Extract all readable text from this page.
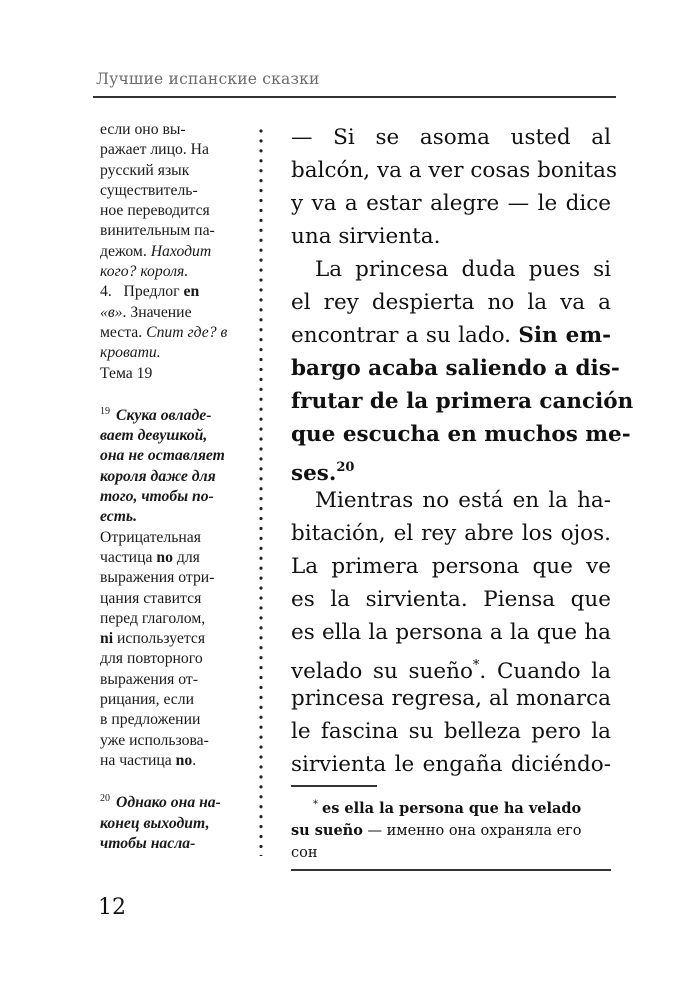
Лучшие испанские сказки
если оно вы-
ражает лицо. На
русский язык
существитель-
ное переводится
винительным па-
дежом. Находит
кого? короля.
4. Предлог en
«в». Значение
места. Спит где? в
кровати.
Тема 19
$^{19}$ Скука овладе-
вает девушкой,
она не оставляет
короля даже для
того, чтобы по-
есть.
Отрицательная
частица no для
выражения отри-
цания ставится
перед глаголом,
ni используется
для повторного
выражения от-
рицания, если
в предложении
уже использова-
на частица no.
$^{20}$ Однако она на-
конец выходит,
чтобы насла-
— Si se asoma usted al
balcón, va a ver cosas bonitas
y va a estar alegre — le dice
una sirvienta.
La princesa duda pues si
el rey despierta no la va a
encontrar a su lado. Sin em-
bargo acaba saliendo a dis-
frutar de la primera canción
que escucha en muchos me-
ses.$^{20}$
Mientras no está en la ha-
bitación, el rey abre los ojos.
La primera persona que ve
es la sirvienta. Piensa que
es ella la persona a la que ha
velado su sueño*. Cuando la
princesa regresa, al monarca
le fascina su belleza pero la
sirvienta le engaña diciéndo-
* es ella la persona que ha velado
su sueño — именно она охраняла его
сон
12
